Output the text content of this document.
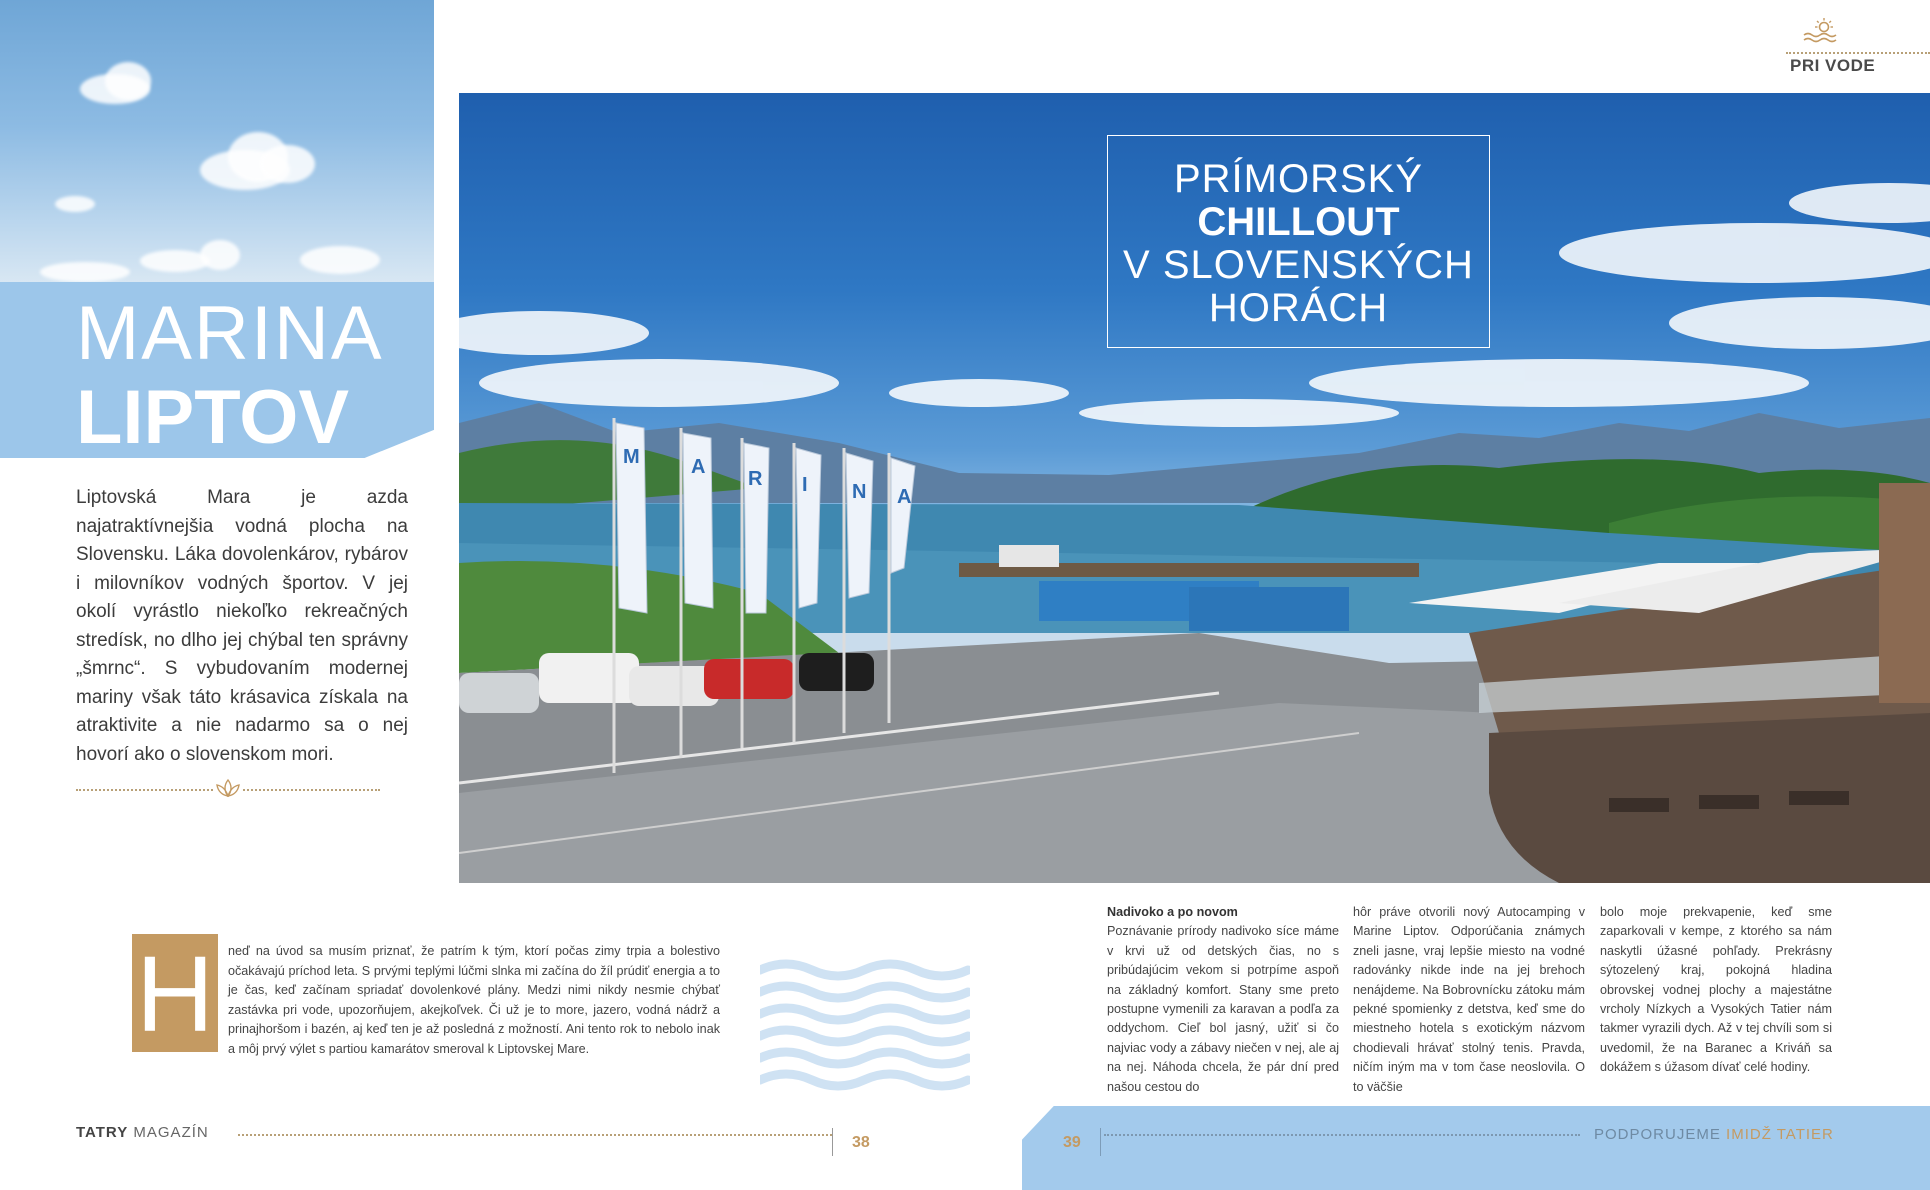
MARINA
LIPTOV

Liptovská Mara je azda najatraktívnejšia vodná plocha na Slovensku. Láka dovolenkárov, rybárov i milovníkov vodných športov. V jej okolí vyrástlo niekoľko rekreačných stredísk, no dlho jej chýbal ten správny „šmrnc“. S vybudovaním modernej mariny však táto krásavica získala na atraktivite a nie nadarmo sa o nej hovorí ako o slovenskom mori.

PRI VODE
M	A
R I N A
PRÍMORSKÝ
CHILLOUT
V SLOVENSKÝCH
HORÁCH
H	neď na úvod sa musím priznať, že patrím k tým, ktorí počas zimy trpia a bolestivo očakávajú príchod leta. S prvými teplými lúčmi slnka mi začína do žíl prúdiť energia a to je čas, keď začínam spriadať dovolenkové plány. Medzi nimi nikdy nesmie chýbať zastávka pri vode, upozorňujem, akejkoľvek. Či už je to more, jazero, vodná nádrž a prinajhoršom i bazén, aj keď ten je až posledná z možností. Ani tento rok to nebolo inak a môj prvý výlet s partiou kamarátov smeroval k Liptovskej Mare.

Nadivoko a po novom
Poznávanie prírody nadivoko síce máme v krvi už od detských čias, no s pribúdajúcim vekom si potrpíme aspoň na základný komfort. Stany sme preto postupne vymenili za karavan a podľa za oddychom. Cieľ bol jasný, užiť si čo najviac vody a zábavy niečen v nej, ale aj na nej. Náhoda chcela, že pár dní pred našou cestou do
hôr práve otvorili nový Autocamping v Marine Liptov. Odporúčania známych zneli jasne, vraj lepšie miesto na vodné radovánky nikde inde na jej brehoch nenájdeme. Na Bobrovnícku zátoku mám pekné spomienky z detstva, keď sme do miestneho hotela s exotickým názvom chodievali hrávať stolný tenis. Pravda, ničím iným ma v tom čase neoslovila. O to väčšie
bolo moje prekvapenie, keď sme zaparkovali v kempe, z ktorého sa nám naskytli úžasné pohľady. Prekrásny sýtozelený kraj, pokojná hladina obrovskej vodnej plochy a majestátne vrcholy Nízkych a Vysokých Tatier nám takmer vyrazili dych. Až v tej chvíli som si uvedomil, že na Baranec a Kriváň sa dokážem s úžasom dívať celé hodiny.
TATRY MAGAZÍN
38	39	PODPORUJEME IMIDŽ TATIER
